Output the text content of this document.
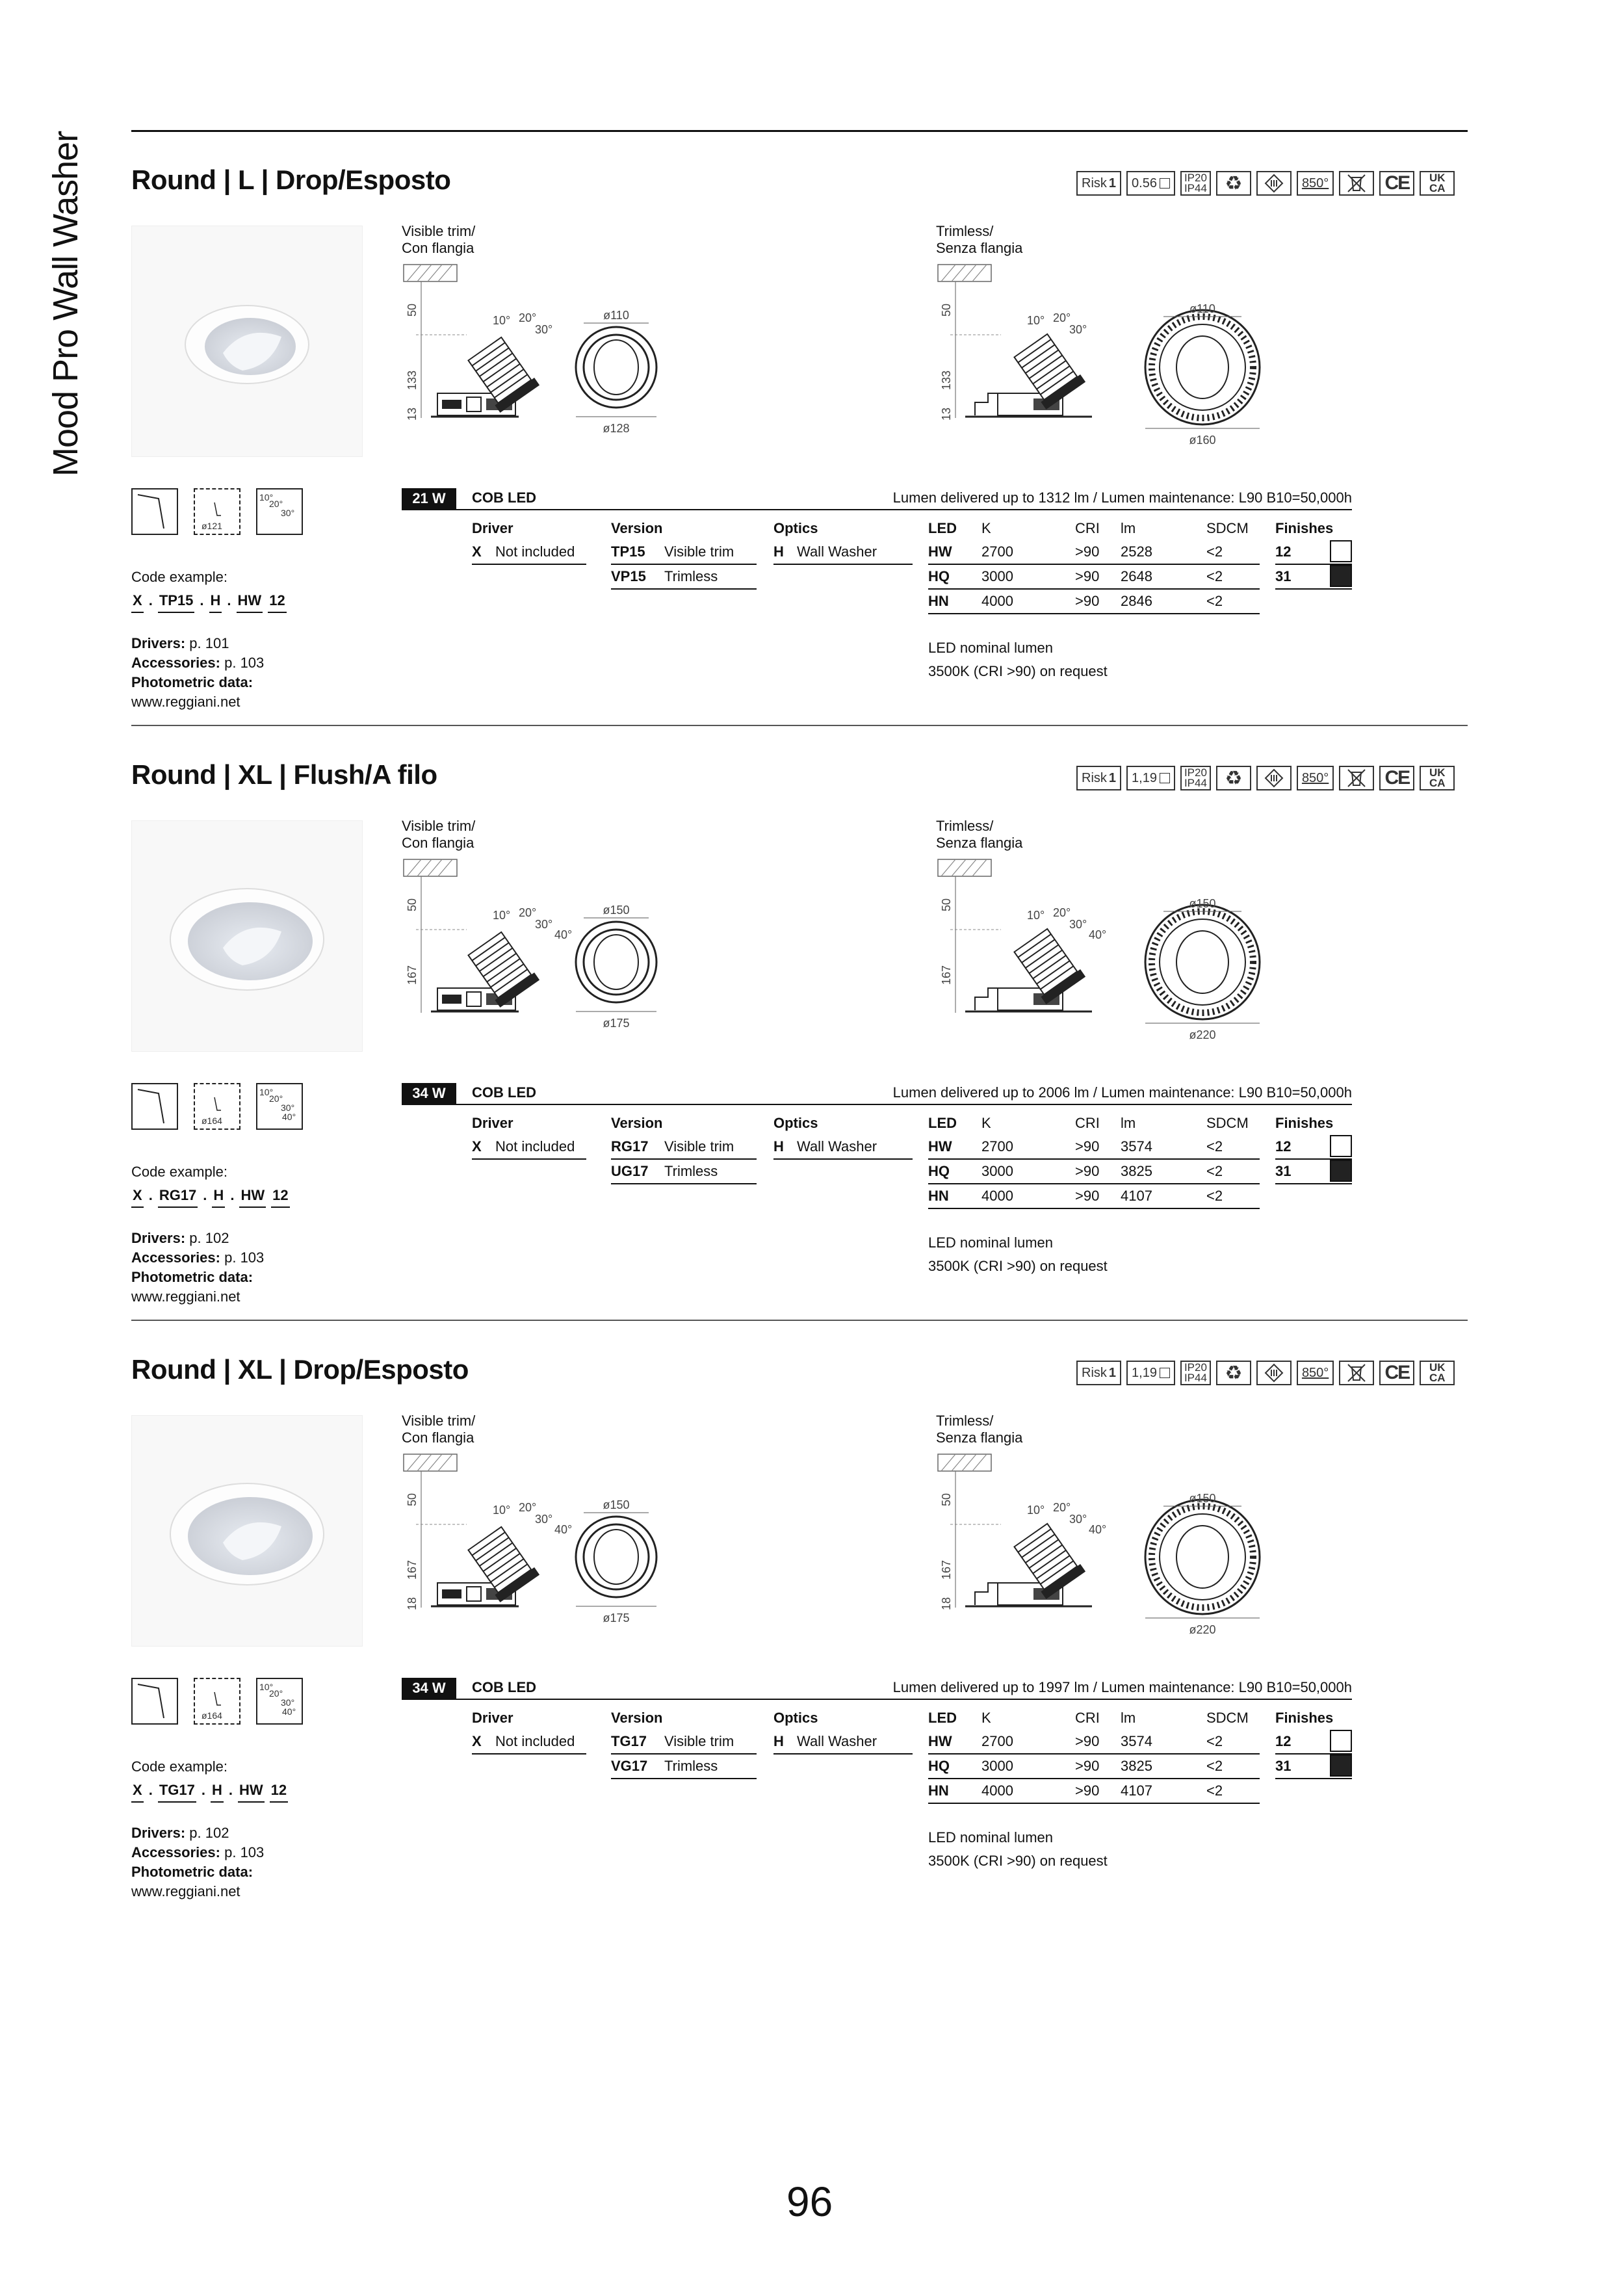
Mood Pro Wall Washer Round | L | Drop/Esposto	Risk 1 0.56 IP20
IP44 ♻	850°	CE	UK
CA
Visible trim/
Con flangia
Trimless/
Senza flangia
50
133
13
10° 20°
30°
ø110
ø128
50
133
13
10° 20°
30°
ø110
ø160
ø121
10°
20°
30°
Code example:
X . TP15 . H . HW 12
Drivers: p. 101
Accessories: p. 103
Photometric data:
www.reggiani.net
21 W	COB LED	Lumen delivered up to 1312 lm / Lumen maintenance: L90 B10=50,000h
Driver
X Not included
Version
TP15	Visible trim
VP15	Trimless
Optics
H Wall Washer
LED	K	CRI	lm	SDCM
HW	2700	>90	2528	<2
HQ	3000	>90	2648	<2
HN	4000	>90	2846	<2
Finishes
12
31
LED nominal lumen
3500K (CRI >90) on request
Round | XL | Flush/A filo	Risk 1 1,19 IP20
IP44 ♻	850°	CE	UK
CA
Visible trim/
Con flangia
Trimless/
Senza flangia
50
167
10° 20°
30°
40°
ø150
ø175
50
167
10° 20°
30°
40°
ø150
ø220
ø164
10°
20°
30°
40°
Code example:
X . RG17 . H . HW 12
Drivers: p. 102
Accessories: p. 103
Photometric data:
www.reggiani.net
34 W	COB LED	Lumen delivered up to 2006 lm / Lumen maintenance: L90 B10=50,000h
Driver
X Not included
Version
RG17	Visible trim
UG17	Trimless
Optics
H Wall Washer
LED	K	CRI	lm	SDCM
HW	2700	>90	3574	<2
HQ	3000	>90	3825	<2
HN	4000	>90	4107	<2
Finishes
12
31
LED nominal lumen
3500K (CRI >90) on request
Round | XL | Drop/Esposto	Risk 1 1,19 IP20
IP44 ♻	850°	CE	UK
CA
Visible trim/
Con flangia
Trimless/
Senza flangia
50
167
18
10° 20°
30°
40°
ø150
ø175
50
167
18
10° 20°
30°
40°
ø150
ø220
ø164
10°
20°
30°
40°
Code example:
X . TG17 . H . HW 12
Drivers: p. 102
Accessories: p. 103
Photometric data:
www.reggiani.net
34 W	COB LED	Lumen delivered up to 1997 lm / Lumen maintenance: L90 B10=50,000h
Driver
X Not included
Version
TG17	Visible trim
VG17	Trimless
Optics
H Wall Washer
LED	K	CRI	lm	SDCM
HW	2700	>90	3574	<2
HQ	3000	>90	3825	<2
HN	4000	>90	4107	<2
Finishes
12
31
LED nominal lumen
3500K (CRI >90) on request
96
